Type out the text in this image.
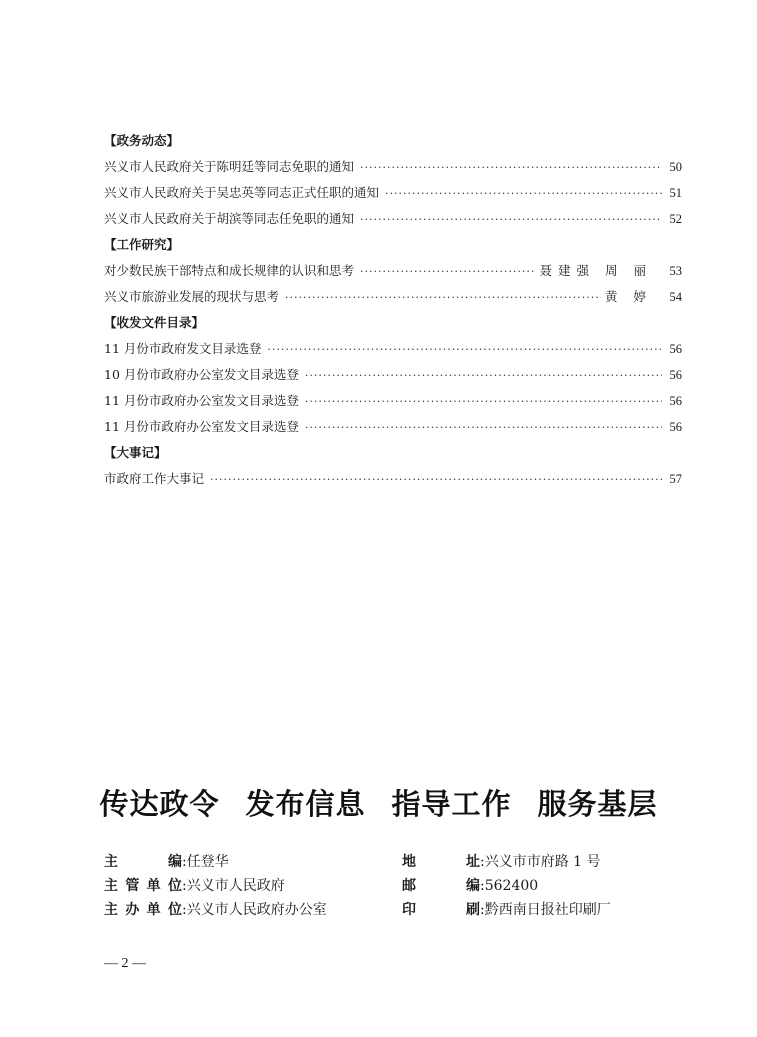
【政务动态】
兴义市人民政府关于陈明廷等同志免职的通知 ·····	50
兴义市人民政府关于吴忠英等同志正式任职的通知 ·····	51
兴义市人民政府关于胡滨等同志任免职的通知 ·····	52
【工作研究】
对少数民族干部特点和成长规律的认识和思考 ·····	聂建强 周 丽 53
兴义市旅游业发展的现状与思考 ·····	黄 婷 54
【收发文件目录】
11 月份市政府发文目录选登 ·····	56
10 月份市政府办公室发文目录选登 ·····	56
11 月份市政府办公室发文目录选登 ·····	56
11 月份市政府办公室发文目录选登 ·····	56
【大事记】
市政府工作大事记 ·····	57
传达政令 发布信息 指导工作 服务基层
主编:任登华	地址:兴义市市府路 1 号
主管单位:兴义市人民政府	邮编:562400
主办单位:兴义市人民政府办公室	印刷:黔西南日报社印刷厂
— 2 —
